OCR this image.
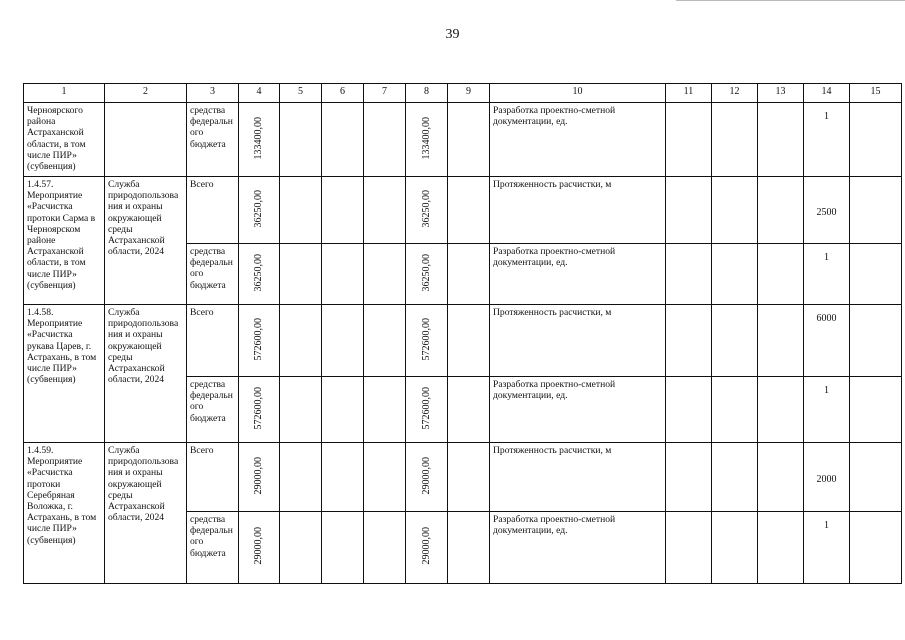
39
1	2	3	4	5	6	7	8	9	10	11	12	13	14	15
Черноярского района Астраханской области, в том числе ПИР» (субвенция)		средства федерального бюджета	133400,00				133400,00		Разработка проектно-сметной документации, ед.				1	

1.4.57. Мероприятие «Расчистка протоки Сарма в Черноярском районе Астраханской области, в том числе ПИР» (субвенция)	Служба природопользования и охраны окружающей среды Астраханской области, 2024	Всего	36250,00				36250,00		Протяженность расчистки, м				2500	

		средства федерального бюджета	36250,00				36250,00		Разработка проектно-сметной документации, ед.				1	

1.4.58. Мероприятие «Расчистка рукава Царев, г. Астрахань, в том числе ПИР» (субвенция)	Служба природопользования и охраны окружающей среды Астраханской области, 2024	Всего	572600,00				572600,00		Протяженность расчистки, м				6000	

		средства федерального бюджета	572600,00				572600,00		Разработка проектно-сметной документации, ед.				1	

1.4.59. Мероприятие «Расчистка протоки Серебряная Воложка, г. Астрахань, в том числе ПИР» (субвенция)	Служба природопользования и охраны окружающей среды Астраханской области, 2024	Всего	29000,00				29000,00		Протяженность расчистки, м				2000	

		средства федерального бюджета	29000,00				29000,00		Разработка проектно-сметной документации, ед.				1	
